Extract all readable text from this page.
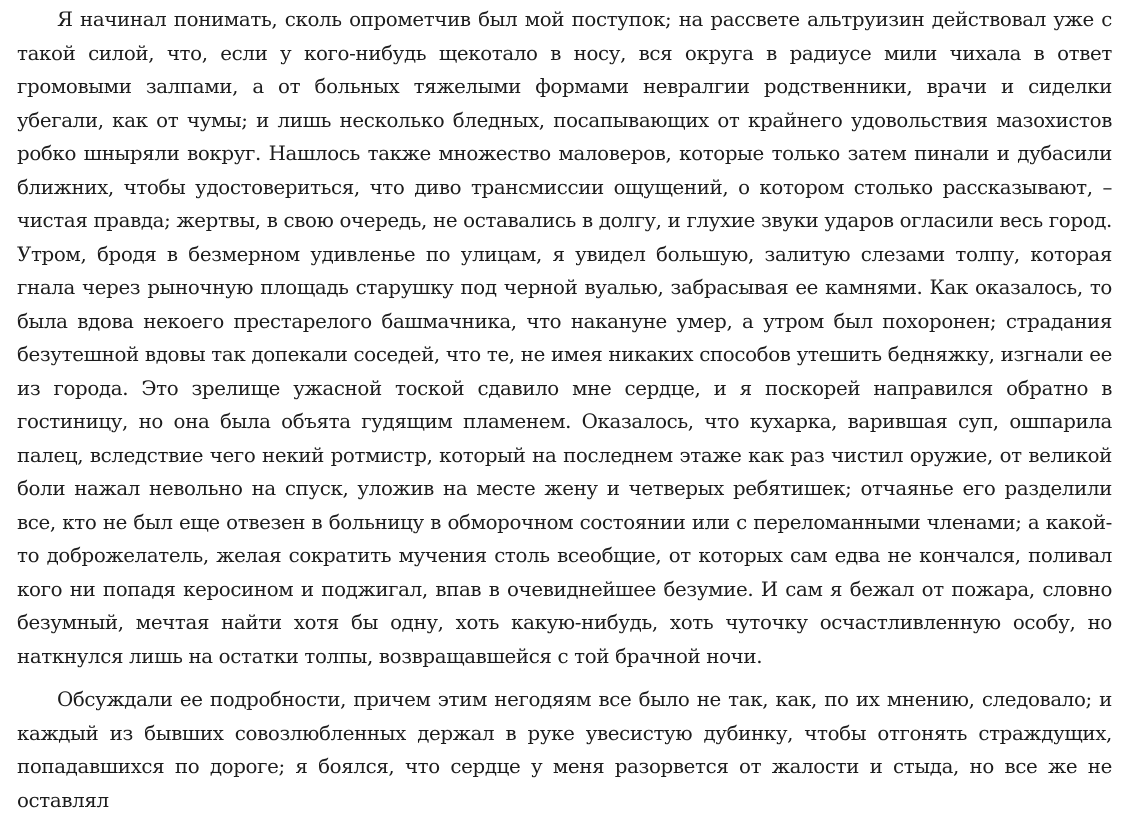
Я начинал понимать, сколь опрометчив был мой поступок; на рассвете альтруизин действовал уже с такой силой, что, если у кого-нибудь щекотало в носу, вся округа в радиусе мили чихала в ответ громовыми залпами, а от больных тяжелыми формами невралгии родственники, врачи и сиделки убегали, как от чумы; и лишь несколько бледных, посапывающих от крайнего удовольствия мазохистов робко шныряли вокруг. Нашлось также множество маловеров, которые только затем пинали и дубасили ближних, чтобы удостовериться, что диво трансмиссии ощущений, о котором столько рассказывают, – чистая правда; жертвы, в свою очередь, не оставались в долгу, и глухие звуки ударов огласили весь город. Утром, бродя в безмерном удивленье по улицам, я увидел большую, залитую слезами толпу, которая гнала через рыночную площадь старушку под черной вуалью, забрасывая ее камнями. Как оказалось, то была вдова некоего престарелого башмачника, что накануне умер, а утром был похоронен; страдания безутешной вдовы так допекали соседей, что те, не имея никаких способов утешить бедняжку, изгнали ее из города. Это зрелище ужасной тоской сдавило мне сердце, и я поскорей направился обратно в гостиницу, но она была объята гудящим пламенем. Оказалось, что кухарка, варившая суп, ошпарила палец, вследствие чего некий ротмистр, который на последнем этаже как раз чистил оружие, от великой боли нажал невольно на спуск, уложив на месте жену и четверых ребятишек; отчаянье его разделили все, кто не был еще отвезен в больницу в обморочном состоянии или с переломанными членами; а какой-то доброжелатель, желая сократить мучения столь всеобщие, от которых сам едва не кончался, поливал кого ни попадя керосином и поджигал, впав в очевиднейшее безумие. И сам я бежал от пожара, словно безумный, мечтая найти хотя бы одну, хоть какую-нибудь, хоть чуточку осчастливленную особу, но наткнулся лишь на остатки толпы, возвращавшейся с той брачной ночи.

Обсуждали ее подробности, причем этим негодяям все было не так, как, по их мнению, следовало; и каждый из бывших совозлюбленных держал в руке увесистую дубинку, чтобы отгонять страждущих, попадавшихся по дороге; я боялся, что сердце у меня разорвется от жалости и стыда, но все же не оставлял
